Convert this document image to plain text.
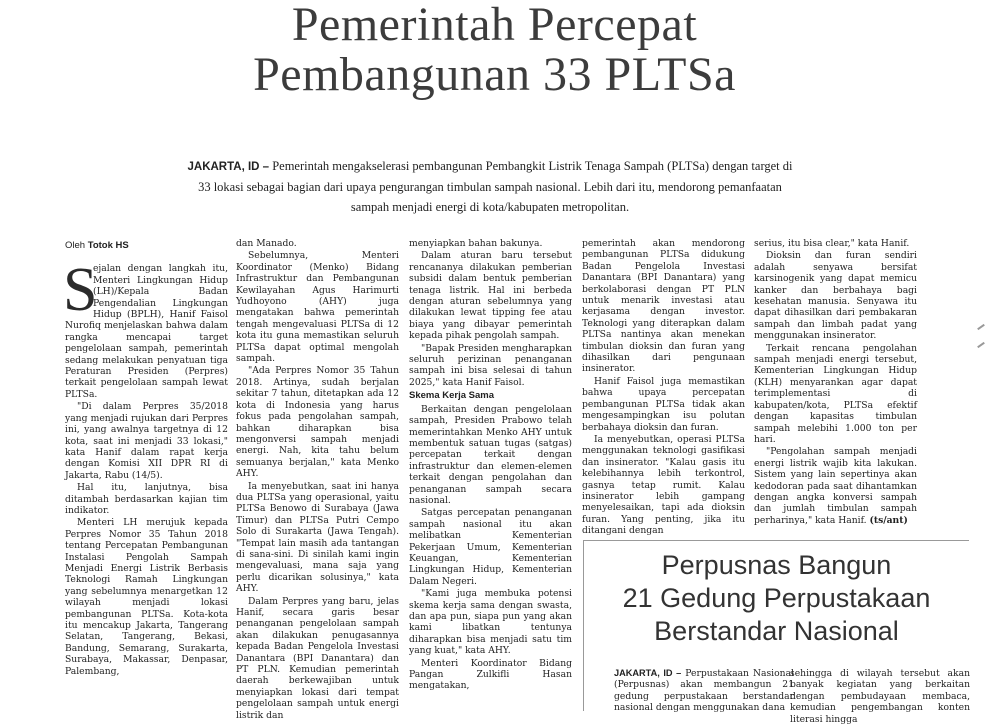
Pemerintah Percepat
Pembangunan 33 PLTSa
JAKARTA, ID – Pemerintah mengakselerasi pembangunan Pembangkit Listrik Tenaga Sampah (PLTSa) dengan target di 33 lokasi sebagai bagian dari upaya pengurangan timbulan sampah nasional. Lebih dari itu, mendorong pemanfaatan sampah menjadi energi di kota/kabupaten metropolitan.
Oleh Totok HS
S

ejalan dengan langkah itu, Menteri Lingkungan Hidup (LH)/Kepala Badan Pengendalian Lingkungan Hidup (BPLH), Hanif Faisol Nurofiq menjelaskan bahwa dalam rangka mencapai target pengelolaan sampah, pemerintah sedang melakukan penyatuan tiga Peraturan Presiden (Perpres) terkait pengelolaan sampah lewat PLTSa.

"Di dalam Perpres 35/2018 yang menjadi rujukan dari Perpres ini, yang awalnya targetnya di 12 kota, saat ini menjadi 33 lokasi," kata Hanif dalam rapat kerja dengan Komisi XII DPR RI di Jakarta, Rabu (14/5).

Hal itu, lanjutnya, bisa ditambah berdasarkan kajian tim indikator.

Menteri LH merujuk kepada Perpres Nomor 35 Tahun 2018 tentang Percepatan Pembangunan Instalasi Pengolah Sampah Menjadi Energi Listrik Berbasis Teknologi Ramah Lingkungan yang sebelumnya menargetkan 12 wilayah menjadi lokasi pembangunan PLTSa. Kota-kota itu mencakup Jakarta, Tangerang Selatan, Tangerang, Bekasi, Bandung, Semarang, Surakarta, Surabaya, Makassar, Denpasar, Palembang,

dan Manado.

Sebelumnya, Menteri Koordinator (Menko) Bidang Infrastruktur dan Pembangunan Kewilayahan Agus Harimurti Yudhoyono (AHY) juga mengatakan bahwa pemerintah tengah mengevaluasi PLTSa di 12 kota itu guna memastikan seluruh PLTSa dapat optimal mengolah sampah.

"Ada Perpres Nomor 35 Tahun 2018. Artinya, sudah berjalan sekitar 7 tahun, ditetapkan ada 12 kota di Indonesia yang harus fokus pada pengolahan sampah, bahkan diharapkan bisa mengonversi sampah menjadi energi. Nah, kita tahu belum semuanya berjalan," kata Menko AHY.

Ia menyebutkan, saat ini hanya dua PLTSa yang operasional, yaitu PLTSa Benowo di Surabaya (Jawa Timur) dan PLTSa Putri Cempo Solo di Surakarta (Jawa Tengah). "Tempat lain masih ada tantangan di sana-sini. Di sinilah kami ingin mengevaluasi, mana saja yang perlu dicarikan solusinya," kata AHY.

Dalam Perpres yang baru, jelas Hanif, secara garis besar penanganan pengelolaan sampah akan dilakukan penugasannya kepada Badan Pengelola Investasi Danantara (BPI Danantara) dan PT PLN. Kemudian pemerintah daerah berkewajiban untuk menyiapkan lokasi dari tempat pengelolaan sampah untuk energi listrik dan

menyiapkan bahan bakunya.

Dalam aturan baru tersebut rencananya dilakukan pemberian subsidi dalam bentuk pemberian tenaga listrik. Hal ini berbeda dengan aturan sebelumnya yang dilakukan lewat tipping fee atau biaya yang dibayar pemerintah kepada pihak pengolah sampah.

"Bapak Presiden mengharapkan seluruh perizinan penanganan sampah ini bisa selesai di tahun 2025," kata Hanif Faisol.

Skema Kerja Sama

Berkaitan dengan pengelolaan sampah, Presiden Prabowo telah memerintahkan Menko AHY untuk membentuk satuan tugas (satgas) percepatan terkait dengan infrastruktur dan elemen-elemen terkait dengan pengolahan dan penanganan sampah secara nasional.

Satgas percepatan penanganan sampah nasional itu akan melibatkan Kementerian Pekerjaan Umum, Kementerian Keuangan, Kementerian Lingkungan Hidup, Kementerian Dalam Negeri.

"Kami juga membuka potensi skema kerja sama dengan swasta, dan apa pun, siapa pun yang akan kami libatkan tentunya diharapkan bisa menjadi satu tim yang kuat," kata AHY.

Menteri Koordinator Bidang Pangan Zulkifli Hasan mengatakan,

pemerintah akan mendorong pembangunan PLTSa didukung Badan Pengelola Investasi Danantara (BPI Danantara) yang berkolaborasi dengan PT PLN untuk menarik investasi atau kerjasama dengan investor. Teknologi yang diterapkan dalam PLTSa nantinya akan menekan timbulan dioksin dan furan yang dihasilkan dari pengunaan insinerator.

Hanif Faisol juga memastikan bahwa upaya percepatan pembangunan PLTSa tidak akan mengesampingkan isu polutan berbahaya dioksin dan furan.

Ia menyebutkan, operasi PLTSa menggunakan teknologi gasifikasi dan insinerator. "Kalau gasis itu kelebihannya lebih terkontrol, gasnya tetap rumit. Kalau insinerator lebih gampang menyelesaikan, tapi ada dioksin furan. Yang penting, jika itu ditangani dengan

serius, itu bisa clear," kata Hanif.

Dioksin dan furan sendiri adalah senyawa bersifat karsinogenik yang dapat memicu kanker dan berbahaya bagi kesehatan manusia. Senyawa itu dapat dihasilkan dari pembakaran sampah dan limbah padat yang menggunakan insinerator.

Terkait rencana pengolahan sampah menjadi energi tersebut, Kementerian Lingkungan Hidup (KLH) menyarankan agar dapat terimplementasi di kabupaten/kota, PLTSa efektif dengan kapasitas timbulan sampah melebihi 1.000 ton per hari.

"Pengolahan sampah menjadi energi listrik wajib kita lakukan. Sistem yang lain sepertinya akan kedodoran pada saat dihantamkan dengan angka konversi sampah dan jumlah timbulan sampah perharinya," kata Hanif. (ts/ant)

Perpusnas Bangun
21 Gedung Perpustakaan
Berstandar Nasional
JAKARTA, ID – Perpustakaan Nasional (Perpusnas) akan membangun 21 gedung perpustakaan berstandar nasional dengan menggunakan dana
sehingga di wilayah tersebut akan banyak kegiatan yang berkaitan dengan pembudayaan membaca, kemudian pengembangan konten literasi hingga
